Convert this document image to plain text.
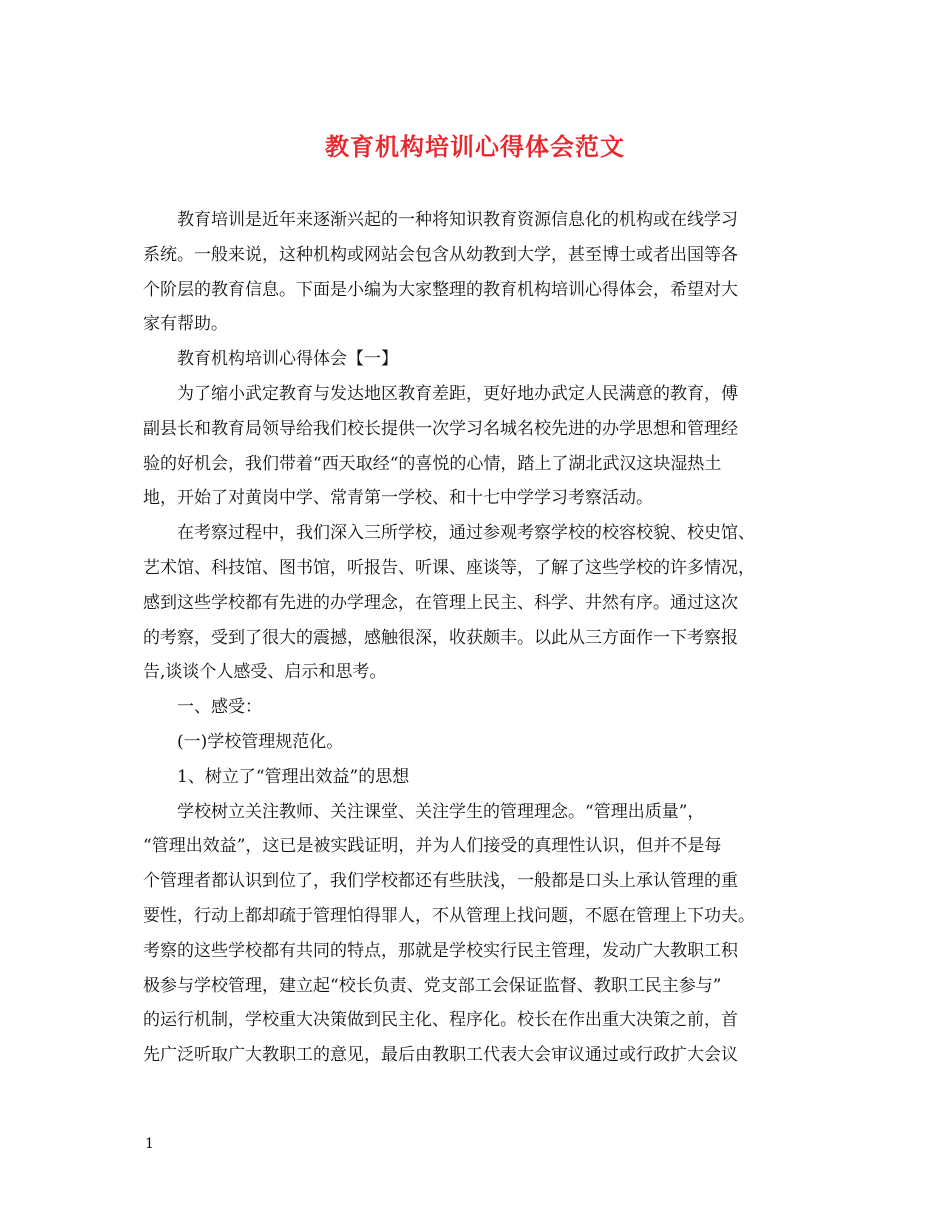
教育机构培训心得体会范文
教育培训是近年来逐渐兴起的一种将知识教育资源信息化的机构或在线学习
系统。一般来说，这种机构或网站会包含从幼教到大学，甚至博士或者出国等各
个阶层的教育信息。下面是小编为大家整理的教育机构培训心得体会，希望对大
家有帮助。
教育机构培训心得体会【一】
为了缩小武定教育与发达地区教育差距，更好地办武定人民满意的教育，傅
副县长和教育局领导给我们校长提供一次学习名城名校先进的办学思想和管理经
验的好机会，我们带着“西天取经“的喜悦的心情，踏上了湖北武汉这块湿热土
地，开始了对黄岗中学、常青第一学校、和十七中学学习考察活动。
在考察过程中，我们深入三所学校，通过参观考察学校的校容校貌、校史馆、
艺术馆、科技馆、图书馆，听报告、听课、座谈等，了解了这些学校的许多情况，
感到这些学校都有先进的办学理念，在管理上民主、科学、井然有序。通过这次
的考察，受到了很大的震撼，感触很深，收获颇丰。以此从三方面作一下考察报
告,谈谈个人感受、启示和思考。
一、感受：
(一)学校管理规范化。
1、树立了“管理出效益”的思想
学校树立关注教师、关注课堂、关注学生的管理理念。“管理出质量”，
“管理出效益”，这已是被实践证明，并为人们接受的真理性认识，但并不是每
个管理者都认识到位了，我们学校都还有些肤浅，一般都是口头上承认管理的重
要性，行动上都却疏于管理怕得罪人，不从管理上找问题，不愿在管理上下功夫。
考察的这些学校都有共同的特点，那就是学校实行民主管理，发动广大教职工积
极参与学校管理，建立起“校长负责、党支部工会保证监督、教职工民主参与”
的运行机制，学校重大决策做到民主化、程序化。校长在作出重大决策之前，首
先广泛听取广大教职工的意见，最后由教职工代表大会审议通过或行政扩大会议
1
